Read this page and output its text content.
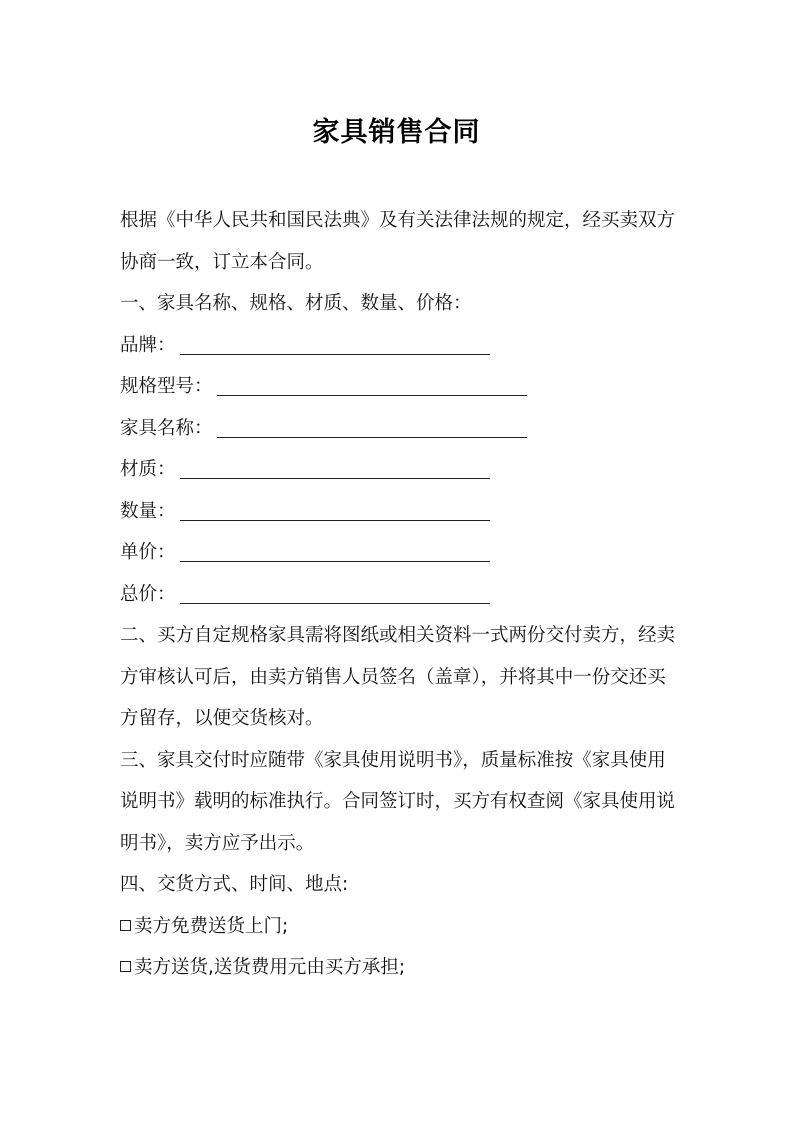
家具销售合同
根据《中华人民共和国民法典》及有关法律法规的规定，经买卖双方
协商一致，订立本合同。
一、家具名称、规格、材质、数量、价格：
品牌：
规格型号：
家具名称：
材质：
数量：
单价：
总价：
二、买方自定规格家具需将图纸或相关资料一式两份交付卖方，经卖
方审核认可后，由卖方销售人员签名（盖章），并将其中一份交还买
方留存，以便交货核对。
三、家具交付时应随带《家具使用说明书》，质量标准按《家具使用
说明书》载明的标准执行。合同签订时，买方有权查阅《家具使用说
明书》，卖方应予出示。
四、交货方式、时间、地点:
卖方免费送货上门;
卖方送货,送货费用元由买方承担;
